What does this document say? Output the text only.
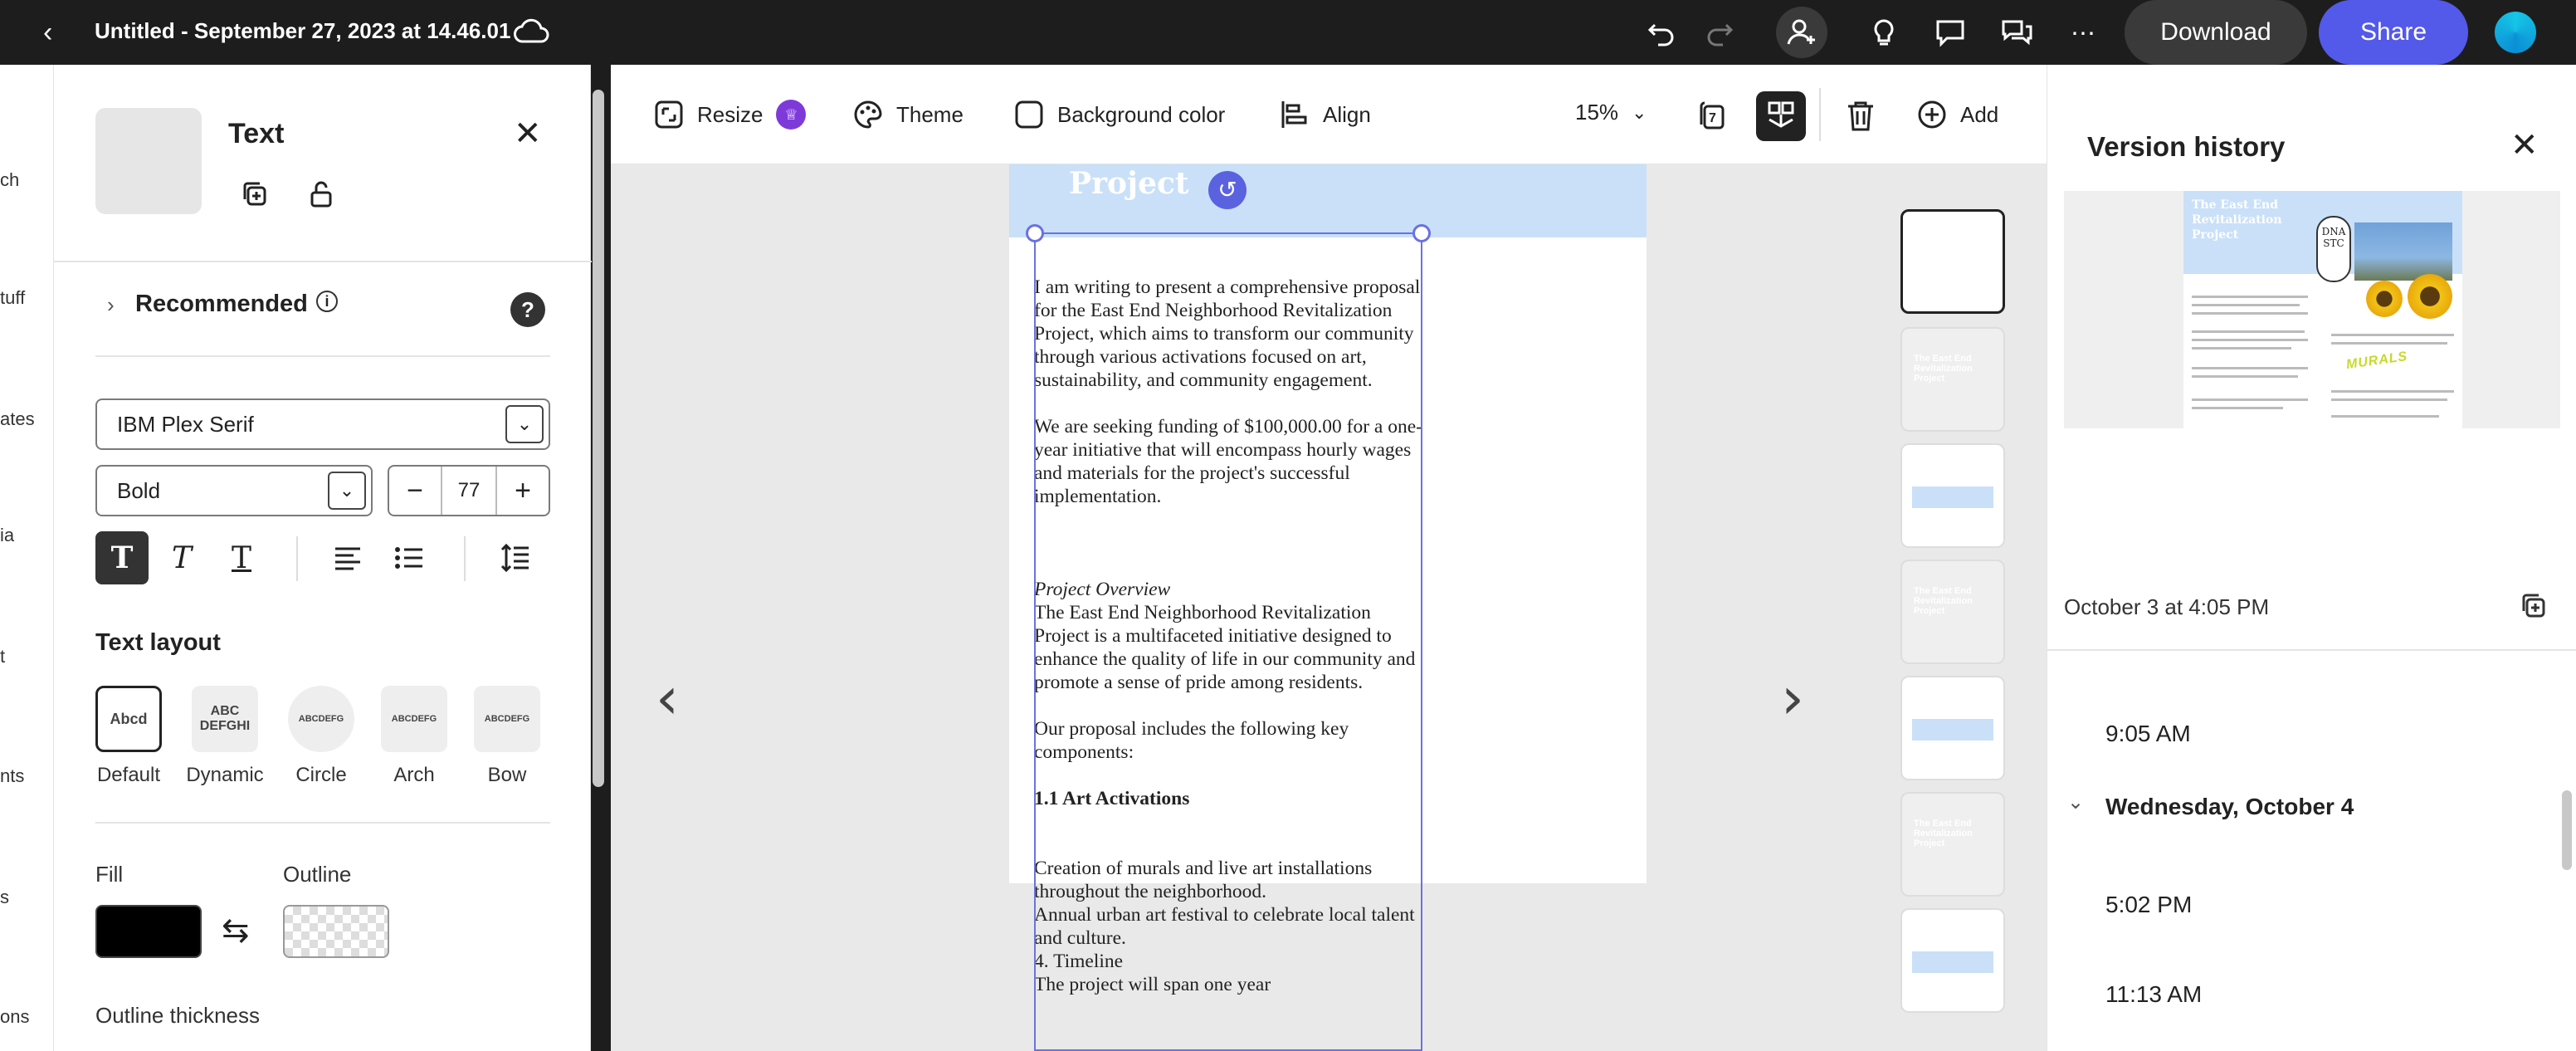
‹ Untitled - September 27, 2023 at 14.46.01	⋯	Download	Share
ch
tuff
ates
ia
t
nts
s
ons
Text	✕
› Recommended	i	?
IBM Plex Serif	⌄
Bold	⌄	−	77	+
T	T	T
Text layout
Abcd	ABC DEFGHI	ABCDEFG	ABCDEFG	ABCDEFG
Default	Dynamic	Circle	Arch	Bow
Fill	Outline
⇆
Outline thickness
Resize	♕	Theme	Background color	Align	15% ⌄	7	Add
‹	›
Project	↺

I am writing to present a comprehensive proposal for the East End Neighborhood Revitalization Project, which aims to transform our community through various activations focused on art, sustainability, and community engagement.

We are seeking funding of $100,000.00 for a one-year initiative that will encompass hourly wages and materials for the project's successful implementation.

Project Overview

The East End Neighborhood Revitalization Project is a multifaceted initiative designed to enhance the quality of life in our community and promote a sense of pride among residents.

Our proposal includes the following key components:

1.1 Art Activations

Creation of murals and live art installations throughout the neighborhood.
Annual urban art festival to celebrate local talent and culture.
4. Timeline
The project will span one year
The East End Revitalization Project
The East End Revitalization Project
The East End Revitalization Project
Version history	✕
The East End Revitalization Project	DNA STC
MURALS
October 3 at 4:05 PM
9:05 AM
⌄ Wednesday, October 4
5:02 PM
11:13 AM
